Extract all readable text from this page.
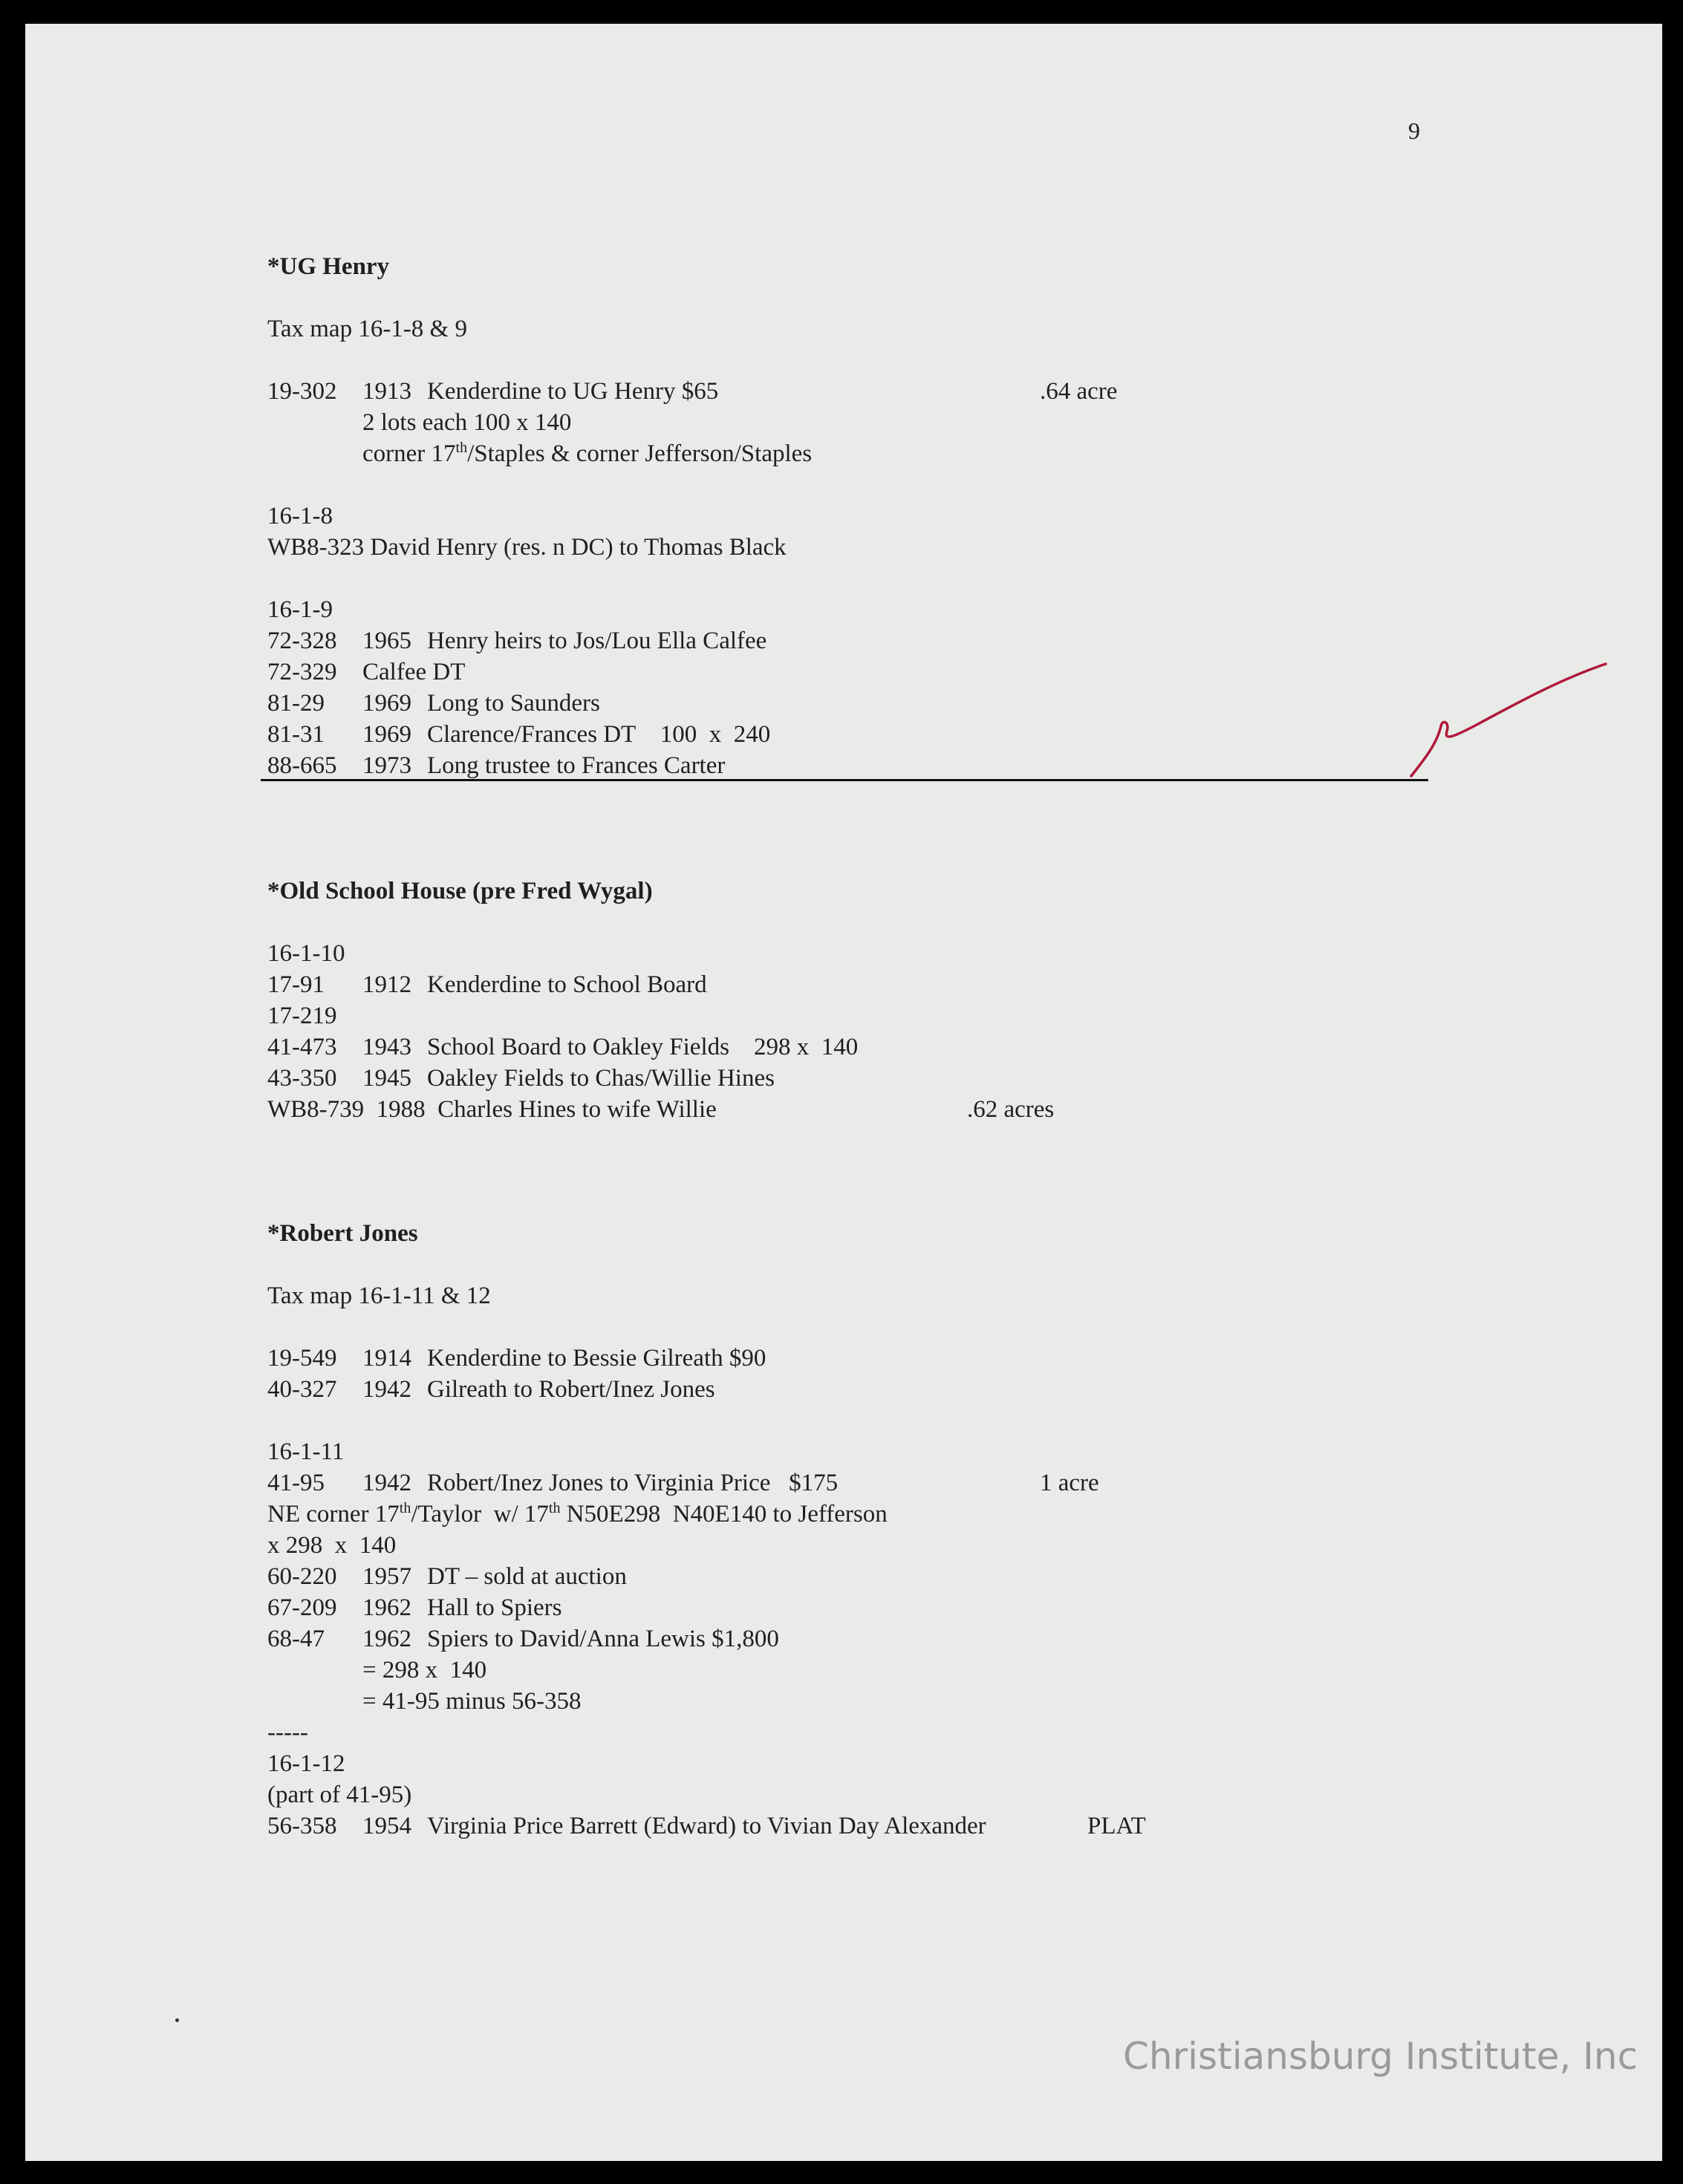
9
*UG Henry
Tax map 16-1-8 & 9
19-302 1913 Kenderdine to UG Henry $65	.64 acre
2 lots each 100 x 140
corner 17th/Staples & corner Jefferson/Staples
16-1-8
WB8-323 David Henry (res. n DC) to Thomas Black
16-1-9
72-328 1965 Henry heirs to Jos/Lou Ella Calfee
72-329 Calfee DT
81-29 1969 Long to Saunders
81-31 1969 Clarence/Frances DT    100  x  240
88-665 1973 Long trustee to Frances Carter
*Old School House (pre Fred Wygal)
16-1-10
17-91 1912 Kenderdine to School Board
17-219
41-473 1943 School Board to Oakley Fields    298 x  140
43-350 1945 Oakley Fields to Chas/Willie Hines
WB8-739  1988  Charles Hines to wife Willie	.62 acres
*Robert Jones
Tax map 16-1-11 & 12
19-549 1914 Kenderdine to Bessie Gilreath $90
40-327 1942 Gilreath to Robert/Inez Jones
16-1-11
41-95 1942 Robert/Inez Jones to Virginia Price   $175	1 acre
NE corner 17th/Taylor  w/ 17th N50E298  N40E140 to Jefferson
x 298  x  140
60-220 1957 DT – sold at auction
67-209 1962 Hall to Spiers
68-47 1962 Spiers to David/Anna Lewis $1,800
= 298 x  140
= 41-95 minus 56-358
-----
16-1-12
(part of 41-95)
56-358 1954 Virginia Price Barrett (Edward) to Vivian Day Alexander	PLAT
Christiansburg Institute, Inc
